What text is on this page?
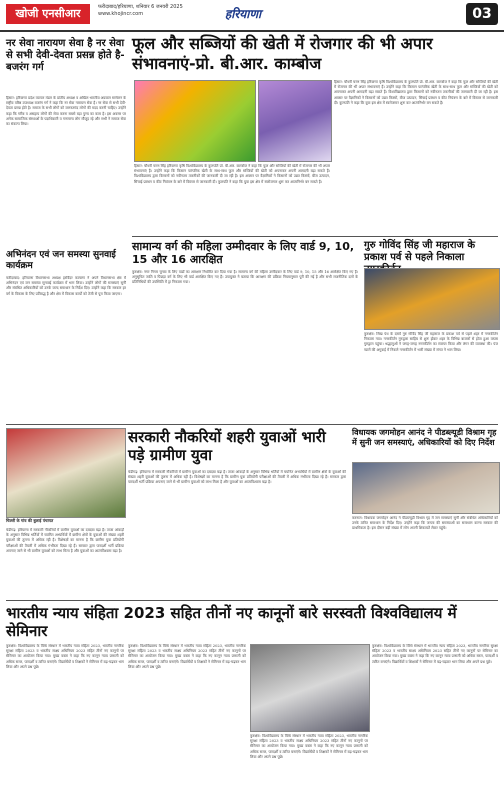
खोजी एनसीआर	फरीदाबाद/हरियाणा, शनिवार 6 जनवरी 2025
www.khojincr.com	हरियाणा	03
नर सेवा नारायण सेवा है नर सेवा से सभी देवी-देवता प्रसन्न होते है- बजरंग गर्ग
हिसार: हरियाणा प्रदेश व्यापार मंडल के प्रांतीय अध्यक्ष व अखिल भारतीय अग्रवाल सम्मेलन के राष्ट्रीय वरिष्ठ उपाध्यक्ष बजरंग गर्ग ने कहा कि नर सेवा नारायण सेवा है। नर सेवा से सभी देवी-देवता प्रसन्न होते है। समाज के सभी लोगों को जरूरतमंद लोगों की मदद करनी चाहिए। उन्होंने कहा कि गरीब व असहाय लोगों की सेवा करना सबसे बड़ा पुण्य का काम है। इस अवसर पर अनेक सामाजिक संस्थाओं के पदाधिकारी व गणमान्य लोग मौजूद रहे और सभी ने समाज सेवा का संकल्प लिया।
फूल और सब्जियों की खेती में रोजगार की भी अपार संभावनाएं-प्रो. बी.आर. काम्बोज
हिसार: चौधरी चरण सिंह हरियाणा कृषि विश्वविद्यालय के कुलपति प्रो. बी.आर. काम्बोज ने कहा कि फूल और सब्जियों की खेती में रोजगार की भी अपार संभावनाएं हैं। उन्होंने कहा कि किसान पारंपरिक खेती के साथ-साथ फूल और सब्जियों की खेती को अपनाकर अपनी आमदनी बढ़ा सकते हैं। विश्वविद्यालय द्वारा किसानों को नवीनतम तकनीकों की जानकारी दी जा रही है। इस अवसर पर वैज्ञानिकों ने किसानों को उन्नत किस्मों, बीज उत्पादन, सिंचाई प्रबंधन व कीट नियंत्रण के बारे में विस्तार से जानकारी दी। कुलपति ने कहा कि युवा इस क्षेत्र में स्वरोजगार शुरू कर आत्मनिर्भर बन सकते हैं।
हिसार: चौधरी चरण सिंह हरियाणा कृषि विश्वविद्यालय के कुलपति प्रो. बी.आर. काम्बोज ने कहा कि फूल और सब्जियों की खेती में रोजगार की भी अपार संभावनाएं हैं। उन्होंने कहा कि किसान पारंपरिक खेती के साथ-साथ फूल और सब्जियों की खेती को अपनाकर अपनी आमदनी बढ़ा सकते हैं। विश्वविद्यालय द्वारा किसानों को नवीनतम तकनीकों की जानकारी दी जा रही है। इस अवसर पर वैज्ञानिकों ने किसानों को उन्नत किस्मों, बीज उत्पादन, सिंचाई प्रबंधन व कीट नियंत्रण के बारे में विस्तार से जानकारी दी। कुलपति ने कहा कि युवा इस क्षेत्र में स्वरोजगार शुरू कर आत्मनिर्भर बन सकते हैं।
सामान्य वर्ग की महिला उम्मीदवार के लिए वार्ड 9, 10, 15 और 16 आरक्षित
कुरुक्षेत्र: नगर निगम चुनाव के लिए वार्डों का आरक्षण निर्धारित कर दिया गया है। सामान्य वर्ग की महिला उम्मीदवार के लिए वार्ड 9, 10, 15 और 16 आरक्षित किए गए हैं। अनुसूचित जाति व पिछड़ा वर्ग के लिए भी वार्ड आरक्षित किए गए हैं। उपायुक्त ने बताया कि आरक्षण की प्रक्रिया नियमानुसार पूरी की गई है और सभी राजनीतिक दलों के प्रतिनिधियों की उपस्थिति में ड्रा निकाला गया।
गुरु गोविंद सिंह जी महाराज के प्रकाश पर्व से पहले निकाला
कुरुक्षेत्र: सिख पंथ के दसवें गुरु गोविंद सिंह जी महाराज के प्रकाश पर्व से पहले शहर में नगरकीर्तन निकाला गया। नगरकीर्तन गुरुद्वारा साहिब से शुरू होकर शहर के विभिन्न बाजारों से होता हुआ वापस गुरुद्वारा पहुंचा। श्रद्धालुओं ने जगह-जगह नगरकीर्तन का स्वागत किया और लंगर की व्यवस्था की। पंज प्यारों की अगुवाई में निकले नगरकीर्तन में भारी संख्या में संगत ने भाग लिया।
अभिनंदन एवं जन समस्या सुनवाई कार्यक्रम
फरीदाबाद: हरियाणा विधानसभा अध्यक्ष हरविंदर कल्याण ने अपने विधानसभा क्षेत्र में अभिनंदन एवं जन समस्या सुनवाई कार्यक्रम में भाग लिया। उन्होंने लोगों की समस्याएं सुनीं और संबंधित अधिकारियों को उनके जल्द समाधान के निर्देश दिए। उन्होंने कहा कि सरकार हर वर्ग के विकास के लिए प्रतिबद्ध है और क्षेत्र में विकास कार्यों को तेजी से पूरा किया जाएगा।
चिल्ली के गांव की बुलाई पंचायत
सरकारी नौकरियों शहरी युवाओं भारी पड़े ग्रामीण युवा
चंडीगढ़: हरियाणा में सरकारी नौकरियों में ग्रामीण युवाओं का दबदबा बढ़ा है। ताजा आंकड़ों के अनुसार विभिन्न भर्तियों में चयनित अभ्यर्थियों में ग्रामीण क्षेत्रों के युवाओं की संख्या शहरी युवाओं की तुलना में अधिक रही है। विशेषज्ञों का मानना है कि ग्रामीण युवा प्रतियोगी परीक्षाओं की तैयारी में अधिक गंभीरता दिखा रहे हैं। सरकार द्वारा पारदर्शी भर्ती प्रक्रिया अपनाए जाने से भी ग्रामीण युवाओं को लाभ मिला है और युवाओं का आत्मविश्वास बढ़ा है।
चंडीगढ़: हरियाणा में सरकारी नौकरियों में ग्रामीण युवाओं का दबदबा बढ़ा है। ताजा आंकड़ों के अनुसार विभिन्न भर्तियों में चयनित अभ्यर्थियों में ग्रामीण क्षेत्रों के युवाओं की संख्या शहरी युवाओं की तुलना में अधिक रही है। विशेषज्ञों का मानना है कि ग्रामीण युवा प्रतियोगी परीक्षाओं की तैयारी में अधिक गंभीरता दिखा रहे हैं। सरकार द्वारा पारदर्शी भर्ती प्रक्रिया अपनाए जाने से भी ग्रामीण युवाओं को लाभ मिला है और युवाओं का आत्मविश्वास बढ़ा है।
विधायक जगमोहन आनंद ने पीडब्ल्यूडी विश्राम गृह में सुनी जन समस्याएं, अधिकारियों को दिए निर्देश
करनाल: विधायक जगमोहन आनंद ने पीडब्ल्यूडी विश्राम गृह में जन समस्याएं सुनीं और संबंधित अधिकारियों को उनके त्वरित समाधान के निर्देश दिए। उन्होंने कहा कि जनता की समस्याओं का समाधान करना सरकार की प्राथमिकता है। इस दौरान बड़ी संख्या में लोग अपनी शिकायतें लेकर पहुंचे।
भारतीय न्याय संहिता 2023 सहित तीनों नए कानूनों बारे सरस्वती विश्वविद्यालय में सेमिनार
कुरुक्षेत्र: विश्वविद्यालय के विधि संस्थान में भारतीय न्याय संहिता 2023, भारतीय नागरिक सुरक्षा संहिता 2023 व भारतीय साक्ष्य अधिनियम 2023 सहित तीनों नए कानूनों पर सेमिनार का आयोजन किया गया। मुख्य वक्ता ने कहा कि नए कानून न्याय प्रणाली को अधिक सरल, पारदर्शी व त्वरित बनाएंगे। विद्यार्थियों व शिक्षकों ने सेमिनार में बढ़-चढ़कर भाग लिया और अपने प्रश्न पूछे।
कुरुक्षेत्र: विश्वविद्यालय के विधि संस्थान में भारतीय न्याय संहिता 2023, भारतीय नागरिक सुरक्षा संहिता 2023 व भारतीय साक्ष्य अधिनियम 2023 सहित तीनों नए कानूनों पर सेमिनार का आयोजन किया गया। मुख्य वक्ता ने कहा कि नए कानून न्याय प्रणाली को अधिक सरल, पारदर्शी व त्वरित बनाएंगे। विद्यार्थियों व शिक्षकों ने सेमिनार में बढ़-चढ़कर भाग लिया और अपने प्रश्न पूछे।
कुरुक्षेत्र: विश्वविद्यालय के विधि संस्थान में भारतीय न्याय संहिता 2023, भारतीय नागरिक सुरक्षा संहिता 2023 व भारतीय साक्ष्य अधिनियम 2023 सहित तीनों नए कानूनों पर सेमिनार का आयोजन किया गया। मुख्य वक्ता ने कहा कि नए कानून न्याय प्रणाली को अधिक सरल, पारदर्शी व त्वरित बनाएंगे। विद्यार्थियों व शिक्षकों ने सेमिनार में बढ़-चढ़कर भाग लिया और अपने प्रश्न पूछे।
कुरुक्षेत्र: विश्वविद्यालय के विधि संस्थान में भारतीय न्याय संहिता 2023, भारतीय नागरिक सुरक्षा संहिता 2023 व भारतीय साक्ष्य अधिनियम 2023 सहित तीनों नए कानूनों पर सेमिनार का आयोजन किया गया। मुख्य वक्ता ने कहा कि नए कानून न्याय प्रणाली को अधिक सरल, पारदर्शी व त्वरित बनाएंगे। विद्यार्थियों व शिक्षकों ने सेमिनार में बढ़-चढ़कर भाग लिया और अपने प्रश्न पूछे।
